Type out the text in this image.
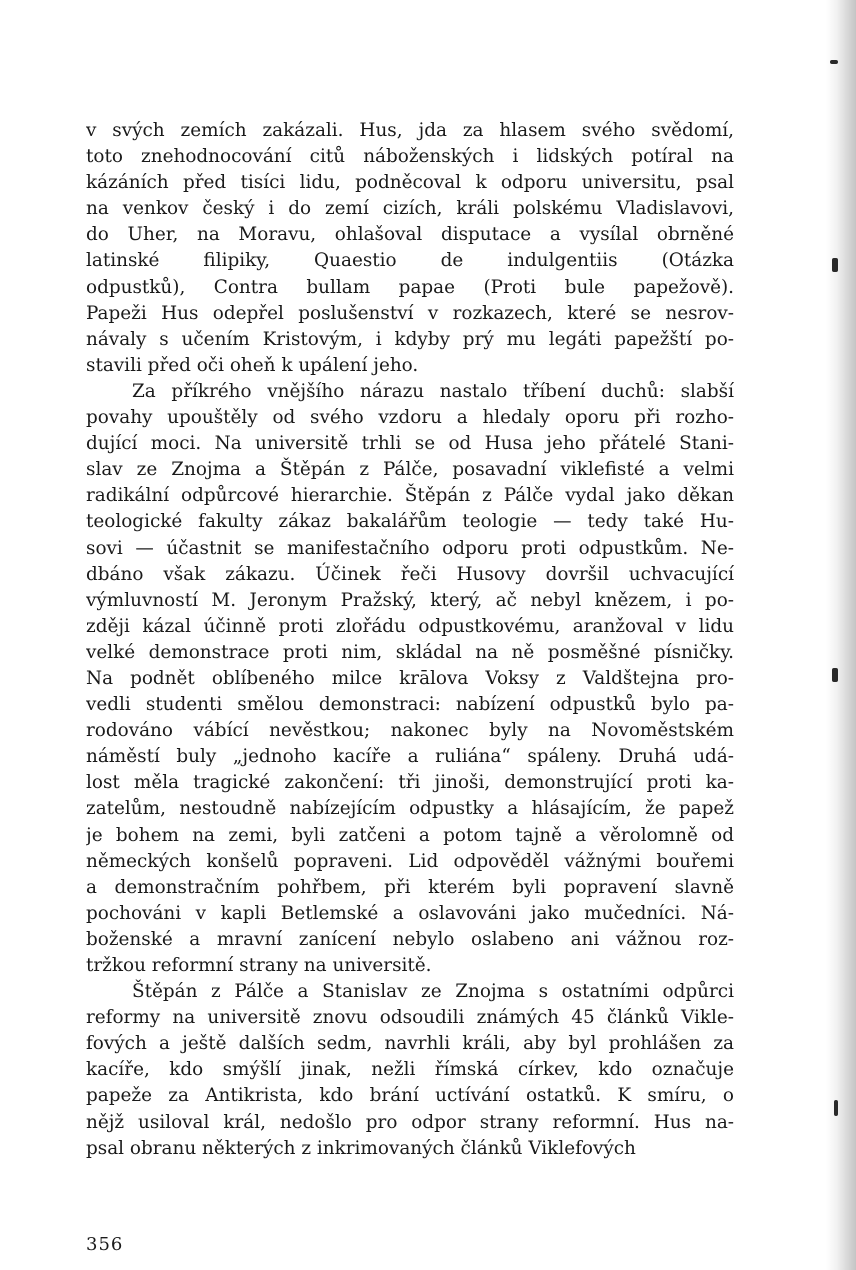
v svých zemích zakázali. Hus, jda za hlasem svého svědomí,
toto znehodnocování citů náboženských i lidských potíral na
kázáních před tisíci lidu, podněcoval k odporu universitu, psal
na venkov český i do zemí cizích, králi polskému Vladislavovi,
do Uher, na Moravu, ohlašoval disputace a vysílal obrněné
latinské filipiky, Quaestio de indulgentiis (Otázka
odpustků), Contra bullam papae (Proti bule papežově).
Papeži Hus odepřel poslušenství v rozkazech, které se nesrov-
návaly s učením Kristovým, i kdyby prý mu legáti papežští po-
stavili před oči oheň k upálení jeho.
Za příkrého vnějšího nárazu nastalo tříbení duchů: slabší
povahy upouštěly od svého vzdoru a hledaly oporu při rozho-
dující moci. Na universitě trhli se od Husa jeho přátelé Stani-
slav ze Znojma a Štěpán z Pálče, posavadní viklefisté a velmi
radikální odpůrcové hierarchie. Štěpán z Pálče vydal jako děkan
teologické fakulty zákaz bakalářům teologie — tedy také Hu-
sovi — účastnit se manifestačního odporu proti odpustkům. Ne-
dbáno však zákazu. Účinek řeči Husovy dovršil uchvacující
výmluvností M. Jeronym Pražský, který, ač nebyl knězem, i po-
zději kázal účinně proti zlořádu odpustkovému, aranžoval v lidu
velké demonstrace proti nim, skládal na ně posměšné písničky.
Na podnět oblíbeného milce krālova Voksy z Valdštejna pro-
vedli studenti smělou demonstraci: nabízení odpustků bylo pa-
rodováno vábící nevěstkou; nakonec byly na Novoměstském
náměstí buly „jednoho kacíře a ruliána“ spáleny. Druhá udá-
lost měla tragické zakončení: tři jinoši, demonstrující proti ka-
zatelům, nestoudně nabízejícím odpustky a hlásajícím, že papež
je bohem na zemi, byli zatčeni a potom tajně a věrolomně od
německých konšelů popraveni. Lid odpověděl vážnými bouřemi
a demonstračním pohřbem, při kterém byli popravení slavně
pochováni v kapli Betlemské a oslavováni jako mučedníci. Ná-
boženské a mravní zanícení nebylo oslabeno ani vážnou roz-
tržkou reformní strany na universitě.
Štěpán z Pálče a Stanislav ze Znojma s ostatními odpůrci
reformy na universitě znovu odsoudili známých 45 článků Vikle-
fových a ještě dalších sedm, navrhli králi, aby byl prohlášen za
kacíře, kdo smýšlí jinak, nežli římská církev, kdo označuje
papeže za Antikrista, kdo brání uctívání ostatků. K smíru, o
nějž usiloval král, nedošlo pro odpor strany reformní. Hus na-
psal obranu některých z inkrimovaných článků Viklefových
356
